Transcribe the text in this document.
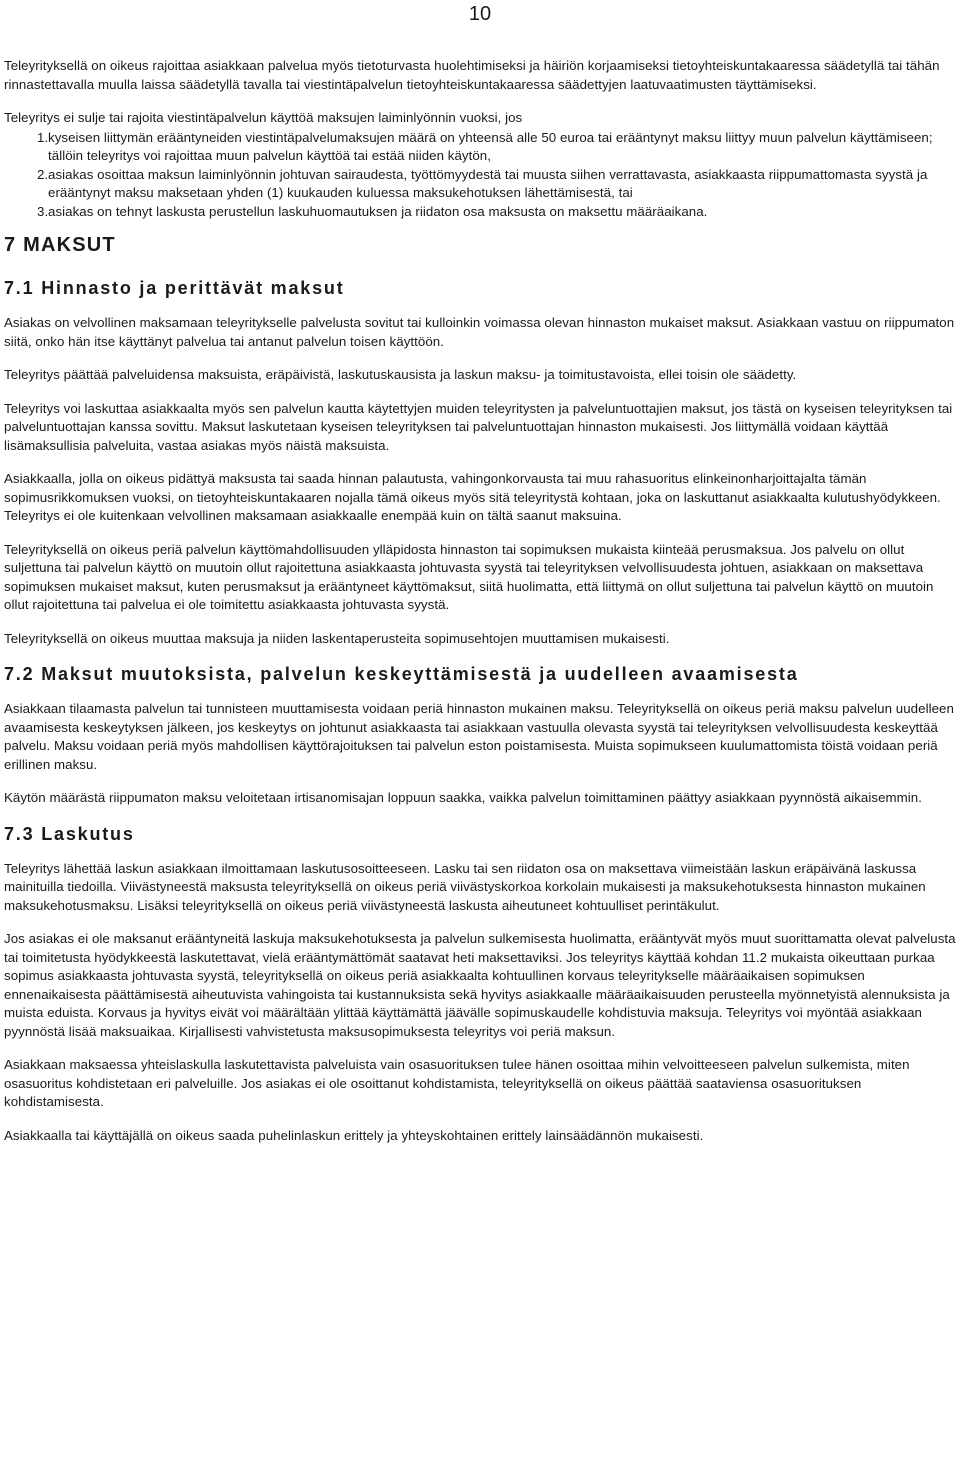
10

Teleyrityksellä on oikeus rajoittaa asiakkaan palvelua myös tietoturvasta huolehtimiseksi ja häiriön korjaamiseksi tietoyhteiskuntakaaressa säädetyllä tai tähän rinnastettavalla muulla laissa säädetyllä tavalla tai viestintäpalvelun tietoyhteiskuntakaaressa säädettyjen laatuvaatimusten täyttämiseksi.

Teleyritys ei sulje tai rajoita viestintäpalvelun käyttöä maksujen laiminlyönnin vuoksi, jos

1 . kyseisen liittymän erääntyneiden viestintäpalvelumaksujen määrä on yhteensä alle 50 euroa tai erääntynyt maksu liittyy muun palvelun käyttämiseen; tällöin teleyritys voi rajoittaa muun palvelun käyttöä tai estää niiden käytön,
2 . asiakas osoittaa maksun laiminlyönnin johtuvan sairaudesta, työttömyydestä tai muusta siihen verrattavasta, asiakkaasta riippumattomasta syystä ja erääntynyt maksu maksetaan yhden (1) kuukauden kuluessa maksukehotuksen lähettämisestä, tai
3 . asiakas on tehnyt laskusta perustellun laskuhuomautuksen ja riidaton osa maksusta on maksettu määräaikana.
7 MAKSUT
7.1 Hinnasto ja perittävät maksut

Asiakas on velvollinen maksamaan teleyritykselle palvelusta sovitut tai kulloinkin voimassa olevan hinnaston mukaiset maksut. Asiakkaan vastuu on riippumaton siitä, onko hän itse käyttänyt palvelua tai antanut palvelun toisen käyttöön.

Teleyritys päättää palveluidensa maksuista, eräpäivistä, laskutuskausista ja laskun maksu- ja toimitustavoista, ellei toisin ole säädetty.

Teleyritys voi laskuttaa asiakkaalta myös sen palvelun kautta käytettyjen muiden teleyritysten ja palveluntuottajien maksut, jos tästä on kyseisen teleyrityksen tai palveluntuottajan kanssa sovittu. Maksut laskutetaan kyseisen teleyrityksen tai palveluntuottajan hinnaston mukaisesti. Jos liittymällä voidaan käyttää lisämaksullisia palveluita, vastaa asiakas myös näistä maksuista.

Asiakkaalla, jolla on oikeus pidättyä maksusta tai saada hinnan palautusta, vahingonkorvausta tai muu rahasuoritus elinkeinonharjoittajalta tämän sopimusrikkomuksen vuoksi, on tietoyhteiskuntakaaren nojalla tämä oikeus myös sitä teleyritystä kohtaan, joka on laskuttanut asiakkaalta kulutushyödykkeen. Teleyritys ei ole kuitenkaan velvollinen maksamaan asiakkaalle enempää kuin on tältä saanut maksuina.

Teleyrityksellä on oikeus periä palvelun käyttömahdollisuuden ylläpidosta hinnaston tai sopimuksen mukaista kiinteää perusmaksua. Jos palvelu on ollut suljettuna tai palvelun käyttö on muutoin ollut rajoitettuna asiakkaasta johtuvasta syystä tai teleyrityksen velvollisuudesta johtuen, asiakkaan on maksettava sopimuksen mukaiset maksut, kuten perusmaksut ja erääntyneet käyttömaksut, siitä huolimatta, että liittymä on ollut suljettuna tai palvelun käyttö on muutoin ollut rajoitettuna tai palvelua ei ole toimitettu asiakkaasta johtuvasta syystä.

Teleyrityksellä on oikeus muuttaa maksuja ja niiden laskentaperusteita sopimusehtojen muuttamisen mukaisesti.

7.2 Maksut muutoksista, palvelun keskeyttämisestä ja uudelleen avaamisesta

Asiakkaan tilaamasta palvelun tai tunnisteen muuttamisesta voidaan periä hinnaston mukainen maksu. Teleyrityksellä on oikeus periä maksu palvelun uudelleen avaamisesta keskeytyksen jälkeen, jos keskeytys on johtunut asiakkaasta tai asiakkaan vastuulla olevasta syystä tai teleyrityksen velvollisuudesta keskeyttää palvelu. Maksu voidaan periä myös mahdollisen käyttörajoituksen tai palvelun eston poistamisesta. Muista sopimukseen kuulumattomista töistä voidaan periä erillinen maksu.

Käytön määrästä riippumaton maksu veloitetaan irtisanomisajan loppuun saakka, vaikka palvelun toimittaminen päättyy asiakkaan pyynnöstä aikaisemmin.

7.3 Laskutus

Teleyritys lähettää laskun asiakkaan ilmoittamaan laskutusosoitteeseen. Lasku tai sen riidaton osa on maksettava viimeistään laskun eräpäivänä laskussa mainituilla tiedoilla. Viivästyneestä maksusta teleyrityksellä on oikeus periä viivästyskorkoa korkolain mukaisesti ja maksukehotuksesta hinnaston mukainen maksukehotusmaksu. Lisäksi teleyrityksellä on oikeus periä viivästyneestä laskusta aiheutuneet kohtuulliset perintäkulut.

Jos asiakas ei ole maksanut erääntyneitä laskuja maksukehotuksesta ja palvelun sulkemisesta huolimatta, erääntyvät myös muut suorittamatta olevat palvelusta tai toimitetusta hyödykkeestä laskutettavat, vielä erääntymättömät saatavat heti maksettaviksi. Jos teleyritys käyttää kohdan 11.2 mukaista oikeuttaan purkaa sopimus asiakkaasta johtuvasta syystä, teleyrityksellä on oikeus periä asiakkaalta kohtuullinen korvaus teleyritykselle määräaikaisen sopimuksen ennenaikaisesta päättämisestä aiheutuvista vahingoista tai kustannuksista sekä hyvitys asiakkaalle määräaikaisuuden perusteella myönnetyistä alennuksista ja muista eduista. Korvaus ja hyvitys eivät voi määrältään ylittää käyttämättä jäävälle sopimuskaudelle kohdistuvia maksuja. Teleyritys voi myöntää asiakkaan pyynnöstä lisää maksuaikaa. Kirjallisesti vahvistetusta maksusopimuksesta teleyritys voi periä maksun.

Asiakkaan maksaessa yhteislaskulla laskutettavista palveluista vain osasuorituksen tulee hänen osoittaa mihin velvoitteeseen palvelun sulkemista, miten osasuoritus kohdistetaan eri palveluille. Jos asiakas ei ole osoittanut kohdistamista, teleyrityksellä on oikeus päättää saataviensa osasuorituksen kohdistamisesta.

Asiakkaalla tai käyttäjällä on oikeus saada puhelinlaskun erittely ja yhteyskohtainen erittely lainsäädännön mukaisesti.
